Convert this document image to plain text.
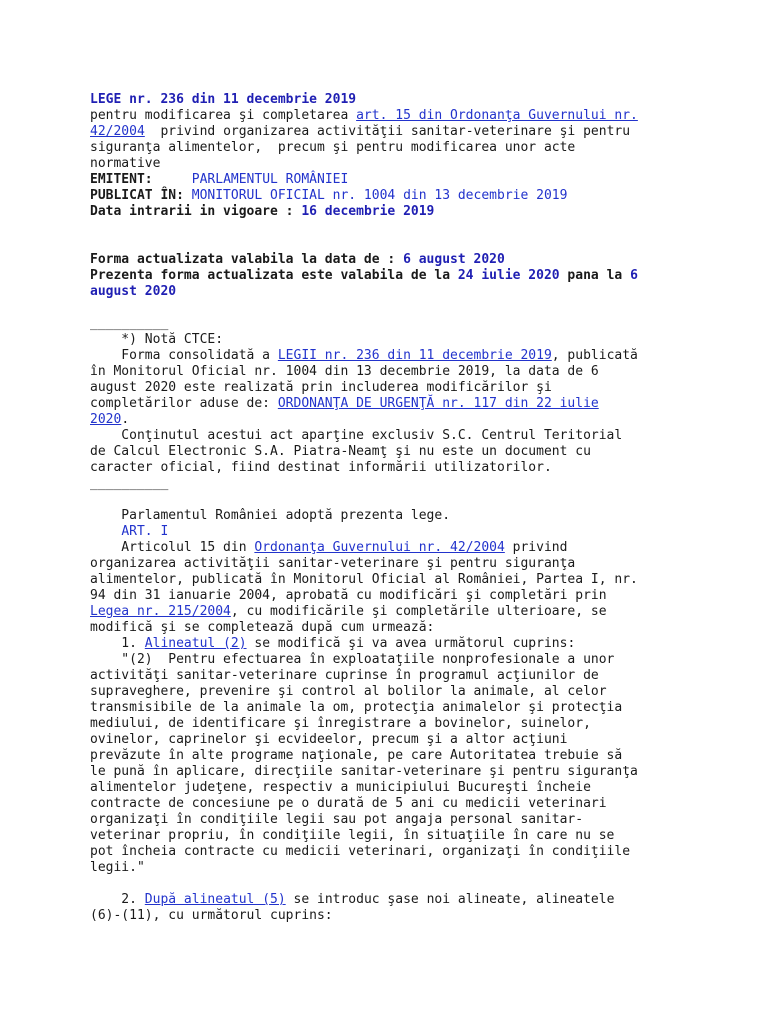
LEGE nr. 236 din 11 decembrie 2019
pentru modificarea şi completarea art. 15 din Ordonanţa Guvernului nr.
42/2004  privind organizarea activităţii sanitar-veterinare şi pentru
siguranţa alimentelor,  precum şi pentru modificarea unor acte
normative
EMITENT:	PARLAMENTUL ROMÂNIEI
PUBLICAT ÎN: MONITORUL OFICIAL nr. 1004 din 13 decembrie 2019
Data intrarii in vigoare : 16 decembrie 2019
Forma actualizata valabila la data de : 6 august 2020
Prezenta forma actualizata este valabila de la 24 iulie 2020 pana la 6
august 2020
__________
*) Notă CTCE:
Forma consolidată a LEGII nr. 236 din 11 decembrie 2019, publicată
în Monitorul Oficial nr. 1004 din 13 decembrie 2019, la data de 6
august 2020 este realizată prin includerea modificărilor şi
completărilor aduse de: ORDONANŢA DE URGENŢĂ nr. 117 din 22 iulie
2020.
Conţinutul acestui act aparţine exclusiv S.C. Centrul Teritorial
de Calcul Electronic S.A. Piatra-Neamţ şi nu este un document cu
caracter oficial, fiind destinat informării utilizatorilor.
__________
Parlamentul României adoptă prezenta lege.
ART. I
Articolul 15 din Ordonanţa Guvernului nr. 42/2004 privind
organizarea activităţii sanitar-veterinare şi pentru siguranţa
alimentelor, publicată în Monitorul Oficial al României, Partea I, nr.
94 din 31 ianuarie 2004, aprobată cu modificări şi completări prin
Legea nr. 215/2004, cu modificările şi completările ulterioare, se
modifică şi se completează după cum urmează:
1. Alineatul (2) se modifică şi va avea următorul cuprins:
"(2)  Pentru efectuarea în exploataţiile nonprofesionale a unor
activităţi sanitar-veterinare cuprinse în programul acţiunilor de
supraveghere, prevenire şi control al bolilor la animale, al celor
transmisibile de la animale la om, protecţia animalelor şi protecţia
mediului, de identificare şi înregistrare a bovinelor, suinelor,
ovinelor, caprinelor şi ecvideelor, precum şi a altor acţiuni
prevăzute în alte programe naţionale, pe care Autoritatea trebuie să
le pună în aplicare, direcţiile sanitar-veterinare şi pentru siguranţa
alimentelor judeţene, respectiv a municipiului Bucureşti încheie
contracte de concesiune pe o durată de 5 ani cu medicii veterinari
organizaţi în condiţiile legii sau pot angaja personal sanitar-
veterinar propriu, în condiţiile legii, în situaţiile în care nu se
pot încheia contracte cu medicii veterinari, organizaţi în condiţiile
legii."
2. După alineatul (5) se introduc şase noi alineate, alineatele
(6)-(11), cu următorul cuprins:
